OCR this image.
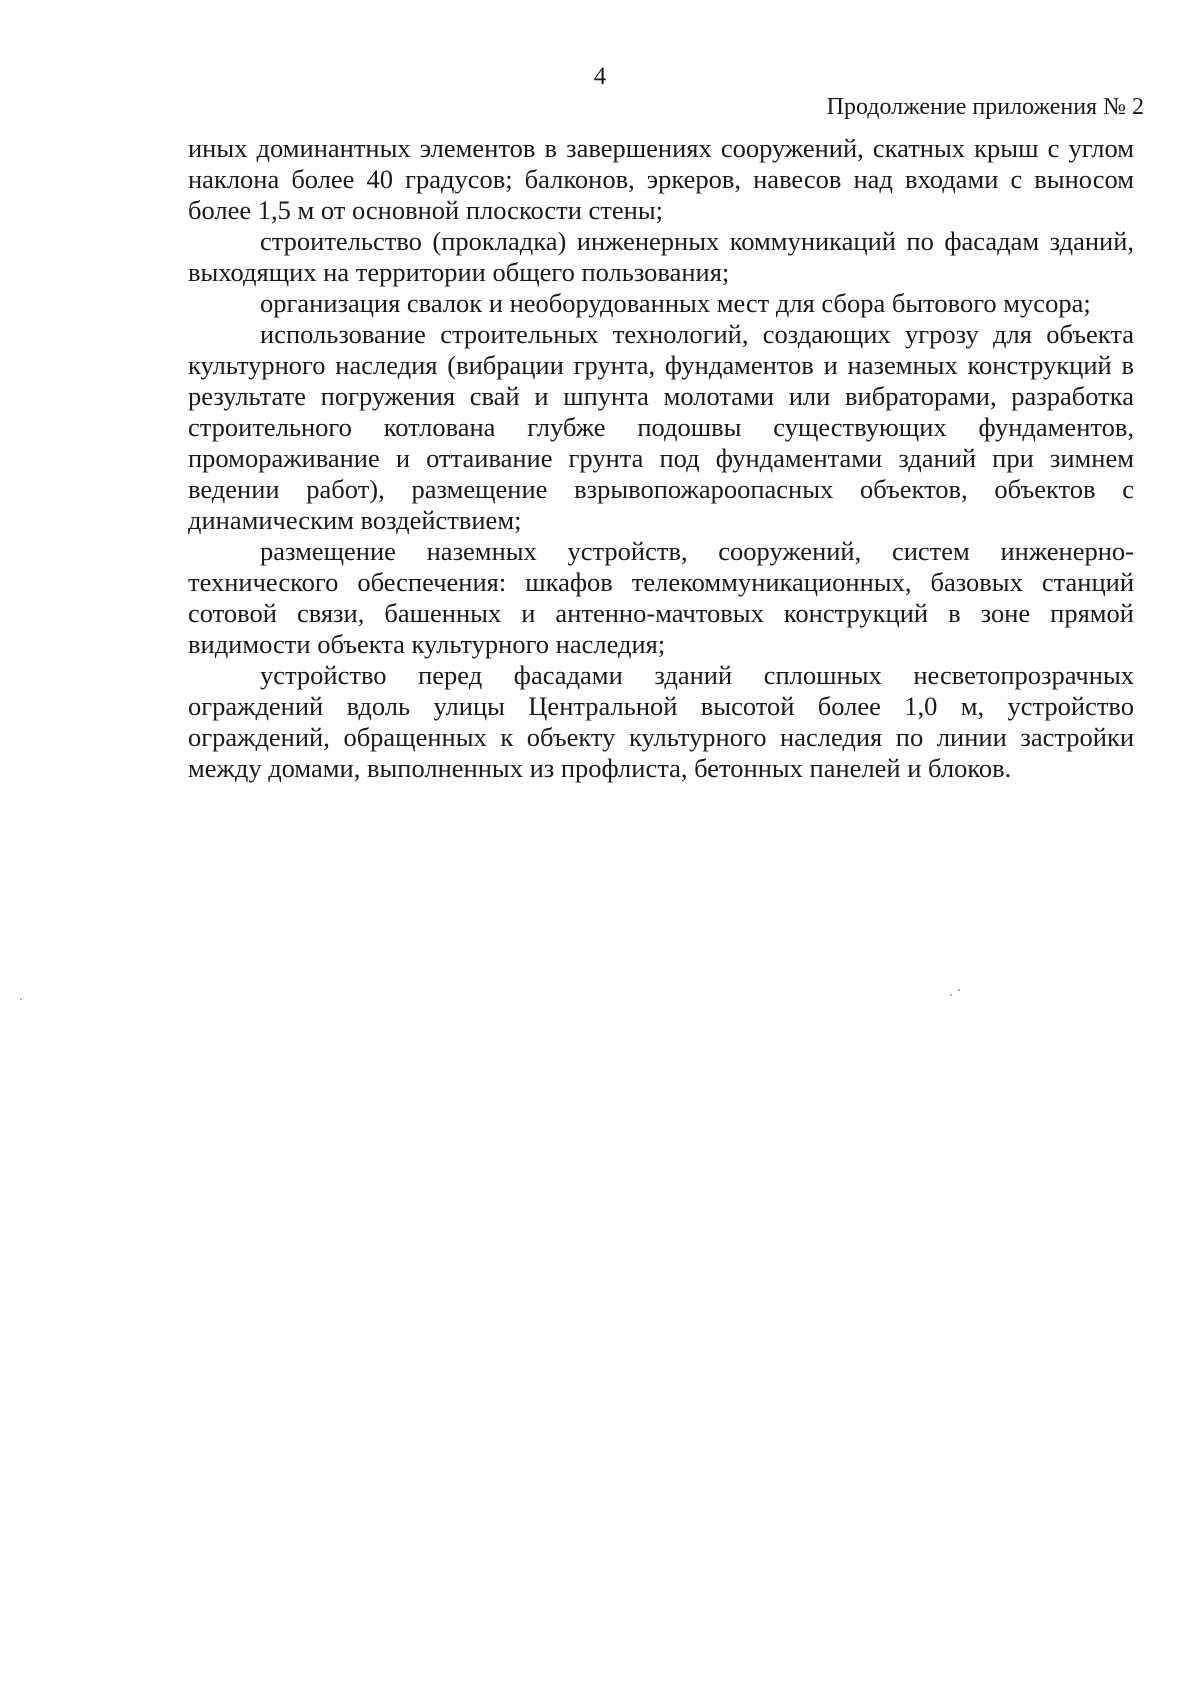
4
Продолжение приложения № 2

иных доминантных элементов в завершениях сооружений, скатных крыш с углом наклона более 40 градусов; балконов, эркеров, навесов над входами с выносом более 1,5 м от основной плоскости стены;

строительство (прокладка) инженерных коммуникаций по фасадам зданий, выходящих на территории общего пользования;

организация свалок и необорудованных мест для сбора бытового мусора;

использование строительных технологий, создающих угрозу для объекта культурного наследия (вибрации грунта, фундаментов и наземных конструкций в результате погружения свай и шпунта молотами или вибраторами, разработка строительного котлована глубже подошвы существующих фундаментов, промораживание и оттаивание грунта под фундаментами зданий при зимнем ведении работ), размещение взрывопожароопасных объектов, объектов с динамическим воздействием;

размещение наземных устройств, сооружений, систем инженерно-технического обеспечения: шкафов телекоммуникационных, базовых станций сотовой связи, башенных и антенно-мачтовых конструкций в зоне прямой видимости объекта культурного наследия;

устройство перед фасадами зданий сплошных несветопрозрачных ограждений вдоль улицы Центральной высотой более 1,0 м, устройство ограждений, обращенных к объекту культурного наследия по линии застройки между домами, выполненных из профлиста, бетонных панелей и блоков.
